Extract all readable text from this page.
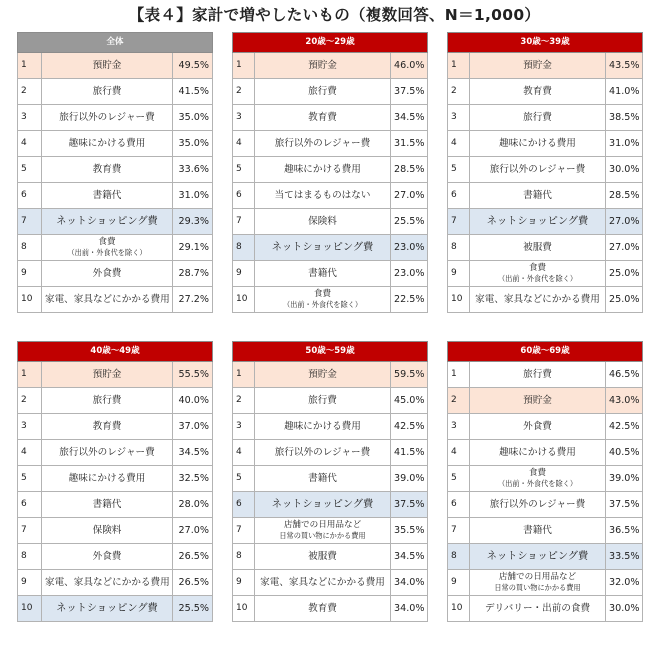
【表４】家計で増やしたいもの（複数回答、N＝1,000）
全体		
1	預貯金	49.5%
2	旅行費	41.5%
3	旅行以外のレジャー費	35.0%
4	趣味にかける費用	35.0%
5	教育費	33.6%
6	書籍代	31.0%
7	ネットショッピング費	29.3%
8	食費
（出前・外食代を除く）	29.1%
9	外食費	28.7%
10	家電、家具などにかかる費用	27.2%
20歳～29歳		
1	預貯金	46.0%
2	旅行費	37.5%
3	教育費	34.5%
4	旅行以外のレジャー費	31.5%
5	趣味にかける費用	28.5%
6	当てはまるものはない	27.0%
7	保険料	25.5%
8	ネットショッピング費	23.0%
9	書籍代	23.0%
10	食費
（出前・外食代を除く）	22.5%
30歳～39歳		
1	預貯金	43.5%
2	教育費	41.0%
3	旅行費	38.5%
4	趣味にかける費用	31.0%
5	旅行以外のレジャー費	30.0%
6	書籍代	28.5%
7	ネットショッピング費	27.0%
8	被服費	27.0%
9	食費
（出前・外食代を除く）	25.0%
10	家電、家具などにかかる費用	25.0%
40歳～49歳		
1	預貯金	55.5%
2	旅行費	40.0%
3	教育費	37.0%
4	旅行以外のレジャー費	34.5%
5	趣味にかける費用	32.5%
6	書籍代	28.0%
7	保険料	27.0%
8	外食費	26.5%
9	家電、家具などにかかる費用	26.5%
10	ネットショッピング費	25.5%
50歳～59歳		
1	預貯金	59.5%
2	旅行費	45.0%
3	趣味にかける費用	42.5%
4	旅行以外のレジャー費	41.5%
5	書籍代	39.0%
6	ネットショッピング費	37.5%
7	店舗での日用品など
日常の買い物にかかる費用	35.5%
8	被服費	34.5%
9	家電、家具などにかかる費用	34.0%
10	教育費	34.0%
60歳～69歳		
1	旅行費	46.5%
2	預貯金	43.0%
3	外食費	42.5%
4	趣味にかける費用	40.5%
5	食費
（出前・外食代を除く）	39.0%
6	旅行以外のレジャー費	37.5%
7	書籍代	36.5%
8	ネットショッピング費	33.5%
9	店舗での日用品など
日常の買い物にかかる費用	32.0%
10	デリバリー・出前の食費	30.0%
